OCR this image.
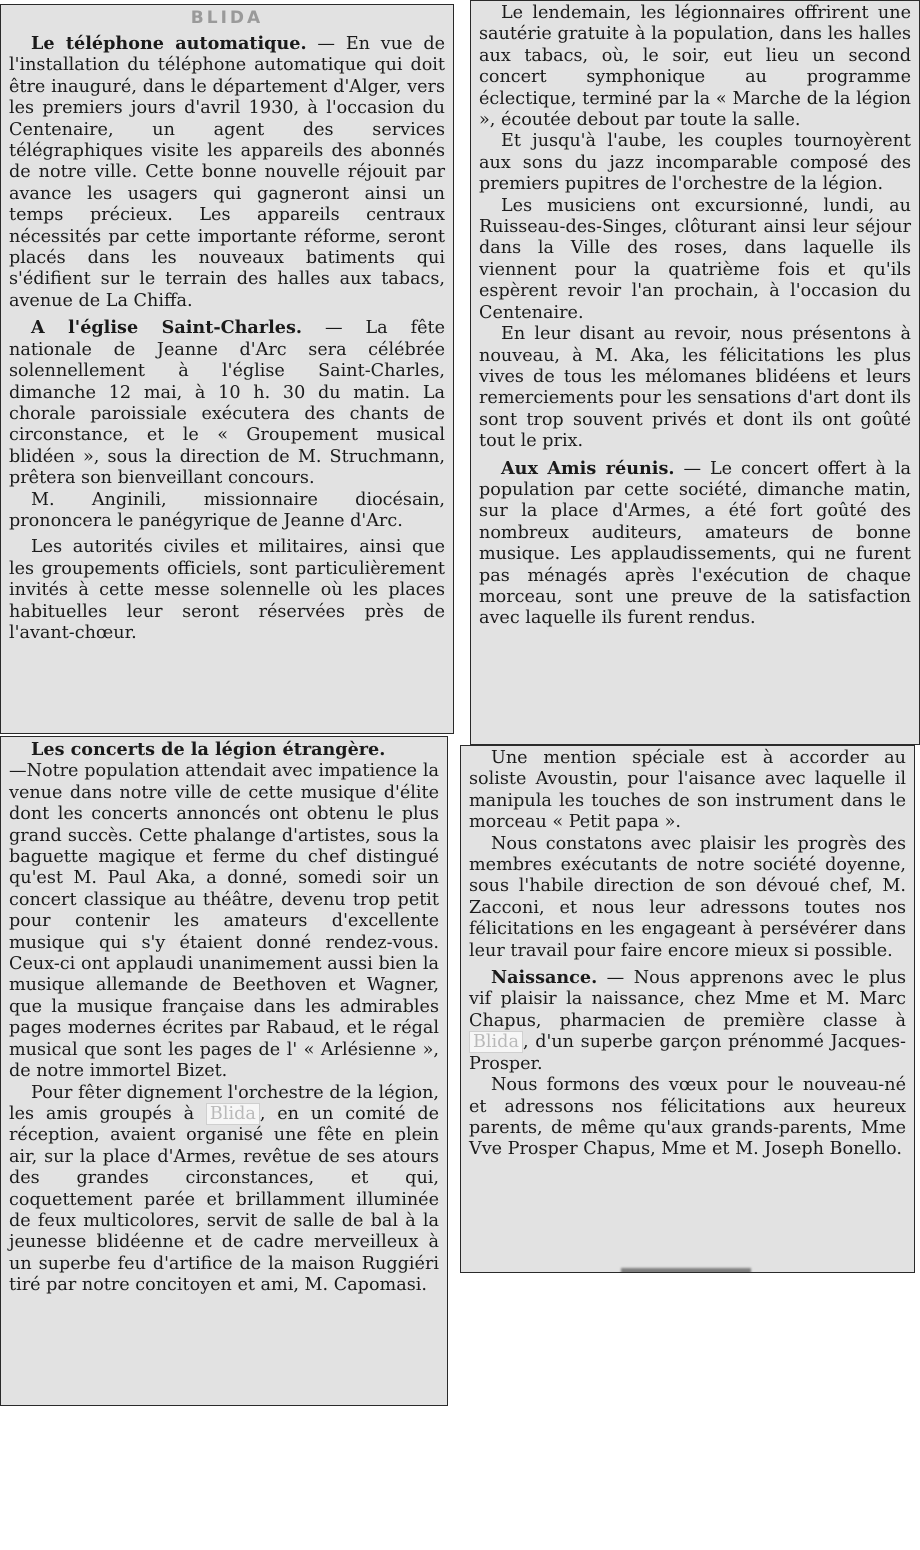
BLIDA

Le téléphone automatique. — En vue de l'installation du téléphone automatique qui doit être inauguré, dans le département d'Alger, vers les premiers jours d'avril 1930, à l'occasion du Centenaire, un agent des services télégraphiques visite les appareils des abonnés de notre ville. Cette bonne nouvelle réjouit par avance les usagers qui gagneront ainsi un temps précieux. Les appareils centraux nécessités par cette importante réforme, seront placés dans les nouveaux batiments qui s'édifient sur le terrain des halles aux tabacs, avenue de La Chiffa.

A l'église Saint-Charles. — La fête nationale de Jeanne d'Arc sera célébrée solennellement à l'église Saint-Charles, dimanche 12 mai, à 10 h. 30 du matin. La chorale paroissiale exécutera des chants de circonstance, et le « Groupement musical blidéen », sous la direction de M. Struchmann, prêtera son bienveillant concours.

M. Anginili, missionnaire diocésain, prononcera le panégyrique de Jeanne d'Arc.

Les autorités civiles et militaires, ainsi que les groupements officiels, sont particulièrement invités à cette messe solennelle où les places habituelles leur seront réservées près de l'avant-chœur.

Les concerts de la légion étrangère.

—Notre population attendait avec impatience la venue dans notre ville de cette musique d'élite dont les concerts annoncés ont obtenu le plus grand succès. Cette phalange d'artistes, sous la baguette magique et ferme du chef distingué qu'est M. Paul Aka, a donné, somedi soir un concert classique au théâtre, devenu trop petit pour contenir les amateurs d'excellente musique qui s'y étaient donné rendez-vous. Ceux-ci ont applaudi unanimement aussi bien la musique allemande de Beethoven et Wagner, que la musique française dans les admirables pages modernes écrites par Rabaud, et le régal musical que sont les pages de l' « Arlésienne », de notre immortel Bizet.

Pour fêter dignement l'orchestre de la légion, les amis groupés à Blida , en un comité de réception, avaient organisé une fête en plein air, sur la place d'Armes, revêtue de ses atours des grandes circonstances, et qui, coquettement parée et brillamment illuminée de feux multicolores, servit de salle de bal à la jeunesse blidéenne et de cadre merveilleux à un superbe feu d'artifice de la maison Ruggiéri tiré par notre concitoyen et ami, M. Capomasi.

Le lendemain, les légionnaires offrirent une sautérie gratuite à la population, dans les halles aux tabacs, où, le soir, eut lieu un second concert symphonique au programme éclectique, terminé par la « Marche de la légion », écoutée debout par toute la salle.

Et jusqu'à l'aube, les couples tournoyèrent aux sons du jazz incomparable composé des premiers pupitres de l'orchestre de la légion.

Les musiciens ont excursionné, lundi, au Ruisseau-des-Singes, clôturant ainsi leur séjour dans la Ville des roses, dans laquelle ils viennent pour la quatrième fois et qu'ils espèrent revoir l'an prochain, à l'occasion du Centenaire.

En leur disant au revoir, nous présentons à nouveau, à M. Aka, les félicitations les plus vives de tous les mélomanes blidéens et leurs remerciements pour les sensations d'art dont ils sont trop souvent privés et dont ils ont goûté tout le prix.

Aux Amis réunis. — Le concert offert à la population par cette société, dimanche matin, sur la place d'Armes, a été fort goûté des nombreux auditeurs, amateurs de bonne musique. Les applaudissements, qui ne furent pas ménagés après l'exécution de chaque morceau, sont une preuve de la satisfaction avec laquelle ils furent rendus.

Une mention spéciale est à accorder au soliste Avoustin, pour l'aisance avec laquelle il manipula les touches de son instrument dans le morceau « Petit papa ».

Nous constatons avec plaisir les progrès des membres exécutants de notre société doyenne, sous l'habile direction de son dévoué chef, M. Zacconi, et nous leur adressons toutes nos félicitations en les engageant à persévérer dans leur travail pour faire encore mieux si possible.

Naissance. — Nous apprenons avec le plus vif plaisir la naissance, chez Mme et M. Marc Chapus, pharmacien de première classe à Blida , d'un superbe garçon prénommé Jacques-Prosper.

Nous formons des vœux pour le nouveau-né et adressons nos félicitations aux heureux parents, de même qu'aux grands-parents, Mme Vve Prosper Chapus, Mme et M. Joseph Bonello.
